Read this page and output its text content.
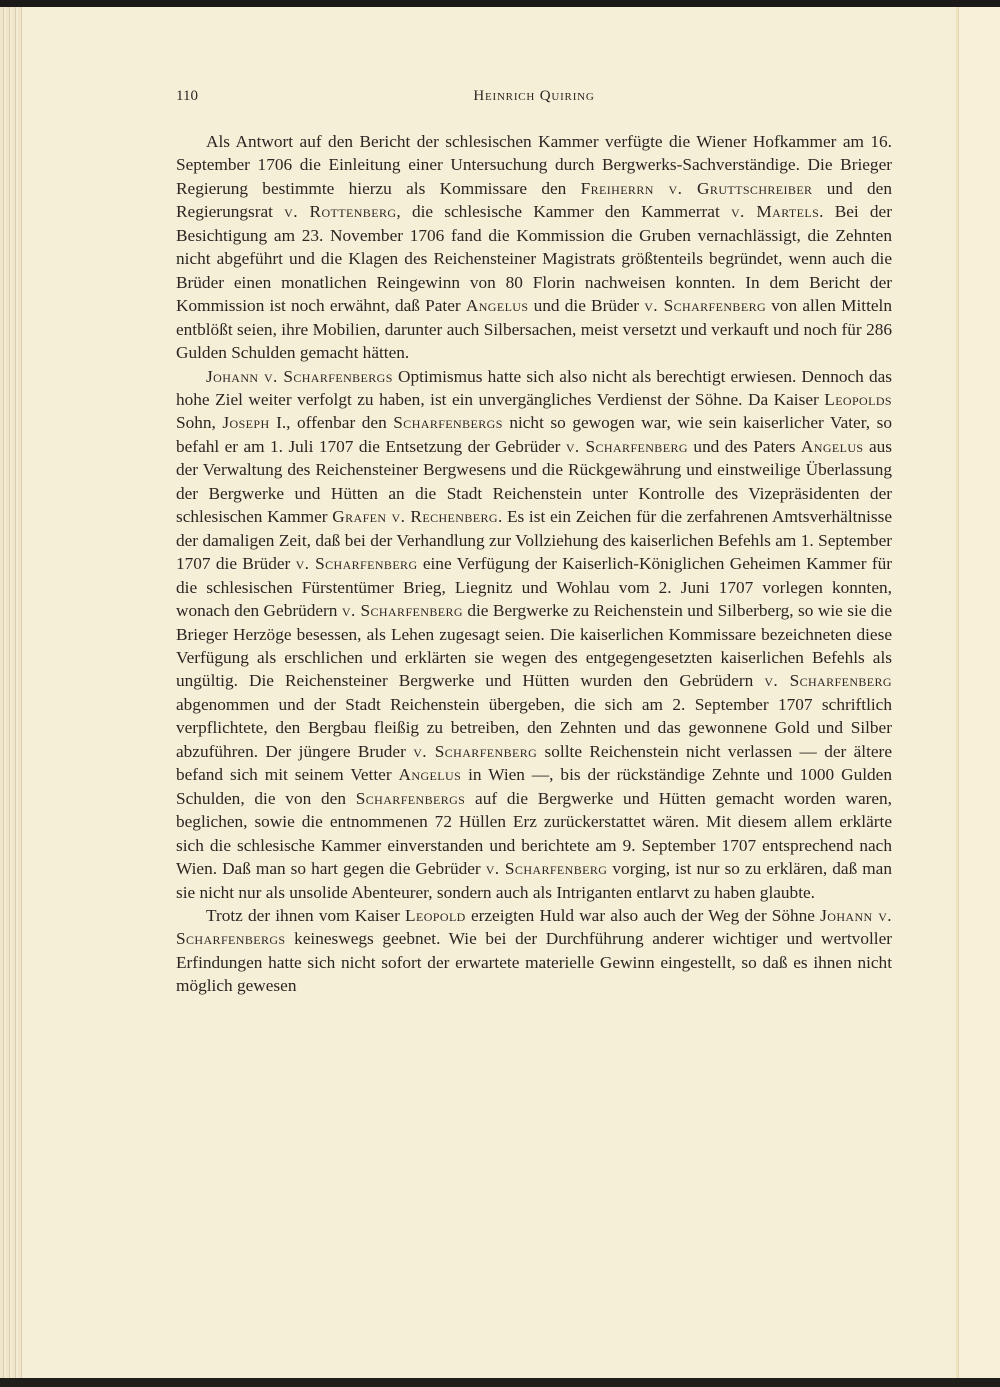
110	Heinrich Quiring

Als Antwort auf den Bericht der schlesischen Kammer verfügte die Wiener Hofkammer am 16. September 1706 die Einleitung einer Untersuchung durch Bergwerks-Sachverständige. Die Brieger Regierung bestimmte hierzu als Kommissare den Freiherrn v. Gruttschreiber und den Regierungsrat v. Rottenberg, die schlesische Kammer den Kammerrat v. Martels. Bei der Besichtigung am 23. November 1706 fand die Kommission die Gruben vernachlässigt, die Zehnten nicht abgeführt und die Klagen des Reichensteiner Magistrats größtenteils begründet, wenn auch die Brüder einen monatlichen Reingewinn von 80 Florin nachweisen konnten. In dem Bericht der Kommission ist noch erwähnt, daß Pater Angelus und die Brüder v. Scharfenberg von allen Mitteln entblößt seien, ihre Mobilien, darunter auch Silbersachen, meist versetzt und verkauft und noch für 286 Gulden Schulden gemacht hätten.

Johann v. Scharfenbergs Optimismus hatte sich also nicht als berechtigt erwiesen. Dennoch das hohe Ziel weiter verfolgt zu haben, ist ein unvergängliches Verdienst der Söhne. Da Kaiser Leopolds Sohn, Joseph I., offenbar den Scharfenbergs nicht so gewogen war, wie sein kaiserlicher Vater, so befahl er am 1. Juli 1707 die Entsetzung der Gebrüder v. Scharfenberg und des Paters Angelus aus der Verwaltung des Reichensteiner Bergwesens und die Rückgewährung und einstweilige Überlassung der Bergwerke und Hütten an die Stadt Reichenstein unter Kontrolle des Vizepräsidenten der schlesischen Kammer Grafen v. Rechenberg. Es ist ein Zeichen für die zerfahrenen Amtsverhältnisse der damaligen Zeit, daß bei der Verhandlung zur Vollziehung des kaiserlichen Befehls am 1. September 1707 die Brüder v. Scharfenberg eine Verfügung der Kaiserlich-Königlichen Geheimen Kammer für die schlesischen Fürstentümer Brieg, Liegnitz und Wohlau vom 2. Juni 1707 vorlegen konnten, wonach den Gebrüdern v. Scharfenberg die Bergwerke zu Reichenstein und Silberberg, so wie sie die Brieger Herzöge besessen, als Lehen zugesagt seien. Die kaiserlichen Kommissare bezeichneten diese Verfügung als erschlichen und erklärten sie wegen des entgegengesetzten kaiserlichen Befehls als ungültig. Die Reichensteiner Bergwerke und Hütten wurden den Gebrüdern v. Scharfenberg abgenommen und der Stadt Reichenstein übergeben, die sich am 2. September 1707 schriftlich verpflichtete, den Bergbau fleißig zu betreiben, den Zehnten und das gewonnene Gold und Silber abzuführen. Der jüngere Bruder v. Scharfenberg sollte Reichenstein nicht verlassen — der ältere befand sich mit seinem Vetter Angelus in Wien —, bis der rückständige Zehnte und 1000 Gulden Schulden, die von den Scharfenbergs auf die Bergwerke und Hütten gemacht worden waren, beglichen, sowie die entnommenen 72 Hüllen Erz zurückerstattet wären. Mit diesem allem erklärte sich die schlesische Kammer einverstanden und berichtete am 9. September 1707 entsprechend nach Wien. Daß man so hart gegen die Gebrüder v. Scharfenberg vorging, ist nur so zu erklären, daß man sie nicht nur als unsolide Abenteurer, sondern auch als Intriganten entlarvt zu haben glaubte.

Trotz der ihnen vom Kaiser Leopold erzeigten Huld war also auch der Weg der Söhne Johann v. Scharfenbergs keineswegs geebnet. Wie bei der Durchführung anderer wichtiger und wertvoller Erfindungen hatte sich nicht sofort der erwartete materielle Gewinn eingestellt, so daß es ihnen nicht möglich gewesen
